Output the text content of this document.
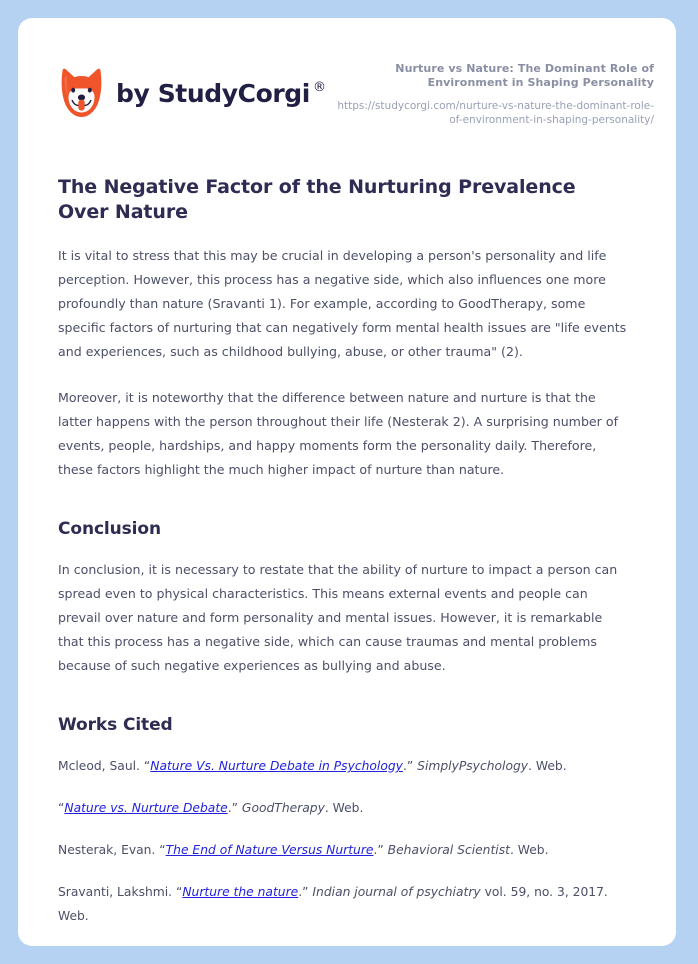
by StudyCorgi ®

Nurture vs Nature: The Dominant Role of Environment in Shaping Personality

https://studycorgi.com/nurture-vs-nature-the-dominant-role-of-environment-in-shaping-personality/

The Negative Factor of the Nurturing Prevalence Over Nature

It is vital to stress that this may be crucial in developing a person's personality and life perception. However, this process has a negative side, which also influences one more profoundly than nature (Sravanti 1). For example, according to GoodTherapy, some specific factors of nurturing that can negatively form mental health issues are "life events and experiences, such as childhood bullying, abuse, or other trauma" (2).

Moreover, it is noteworthy that the difference between nature and nurture is that the latter happens with the person throughout their life (Nesterak 2). A surprising number of events, people, hardships, and happy moments form the personality daily. Therefore, these factors highlight the much higher impact of nurture than nature.

Conclusion

In conclusion, it is necessary to restate that the ability of nurture to impact a person can spread even to physical characteristics. This means external events and people can prevail over nature and form personality and mental issues. However, it is remarkable that this process has a negative side, which can cause traumas and mental problems because of such negative experiences as bullying and abuse.

Works Cited

Mcleod, Saul. “Nature Vs. Nurture Debate in Psychology.” SimplyPsychology. Web.

“Nature vs. Nurture Debate.” GoodTherapy. Web.

Nesterak, Evan. “The End of Nature Versus Nurture.” Behavioral Scientist. Web.

Sravanti, Lakshmi. “Nurture the nature.” Indian journal of psychiatry vol. 59, no. 3, 2017. Web.
